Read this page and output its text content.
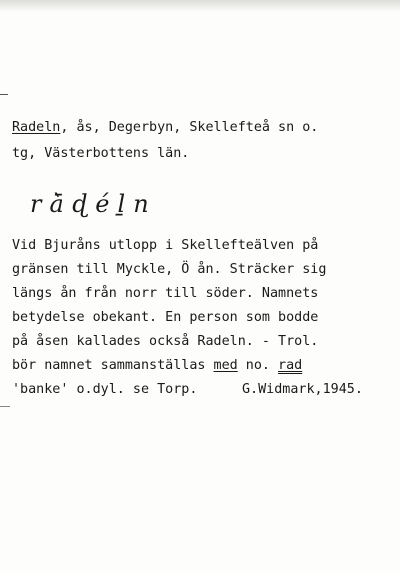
Radeln, ås, Degerbyn, Skellefteå sn o.
tg, Västerbottens län.
rà̄ɖéḻn
Vid Bjuråns utlopp i Skellefteälven på
gränsen till Myckle, Ö ån. Sträcker sig
längs ån från norr till söder. Namnets
betydelse obekant. En person som bodde
på åsen kallades också Radeln. - Trol.
bör namnet sammanställas med no. rad
'banke' o.dyl. se Torp.	G.Widmark,1945.
